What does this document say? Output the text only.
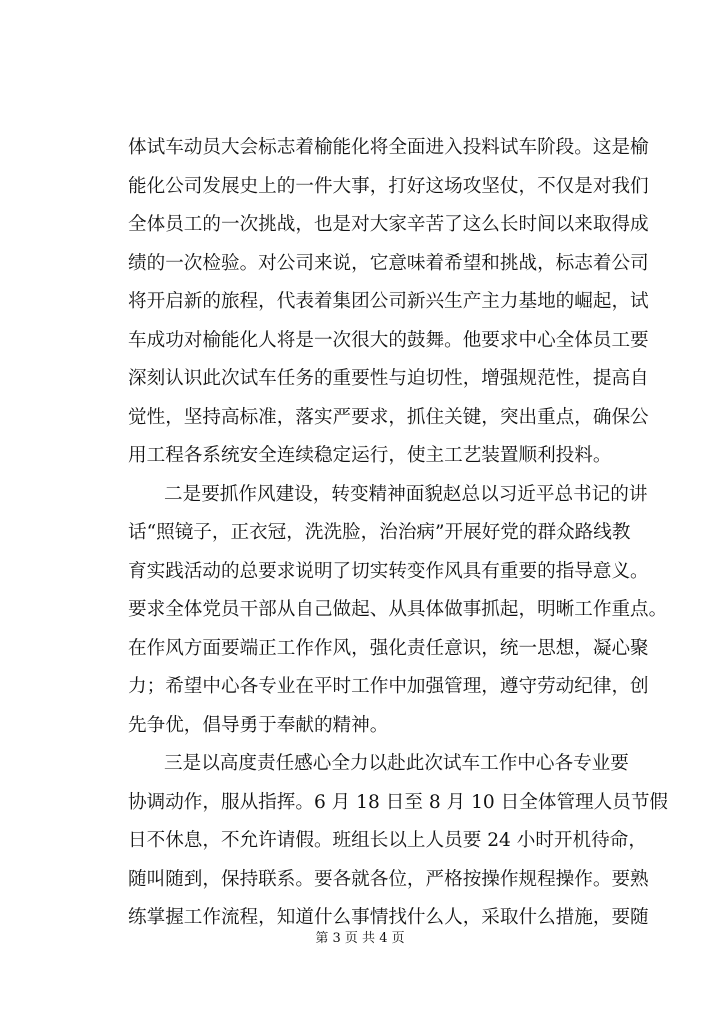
体试车动员大会标志着榆能化将全面进入投料试车阶段。这是榆
能化公司发展史上的一件大事，打好这场攻坚仗，不仅是对我们
全体员工的一次挑战，也是对大家辛苦了这么长时间以来取得成
绩的一次检验。对公司来说，它意味着希望和挑战，标志着公司
将开启新的旅程，代表着集团公司新兴生产主力基地的崛起，试
车成功对榆能化人将是一次很大的鼓舞。他要求中心全体员工要
深刻认识此次试车任务的重要性与迫切性，增强规范性，提高自
觉性，坚持高标准，落实严要求，抓住关键，突出重点，确保公
用工程各系统安全连续稳定运行，使主工艺装置顺利投料。
二是要抓作风建设，转变精神面貌赵总以习近平总书记的讲
话“照镜子，正衣冠，洗洗脸，治治病”开展好党的群众路线教
育实践活动的总要求说明了切实转变作风具有重要的指导意义。
要求全体党员干部从自己做起、从具体做事抓起，明晰工作重点。
在作风方面要端正工作作风，强化责任意识，统一思想，凝心聚
力；希望中心各专业在平时工作中加强管理，遵守劳动纪律，创
先争优，倡导勇于奉献的精神。
三是以高度责任感心全力以赴此次试车工作中心各专业要
协调动作，服从指挥。6 月 18 日至 8 月 10 日全体管理人员节假
日不休息，不允许请假。班组长以上人员要 24 小时开机待命，
随叫随到，保持联系。要各就各位，严格按操作规程操作。要熟
练掌握工作流程，知道什么事情找什么人，采取什么措施，要随
第 3 页 共 4 页
